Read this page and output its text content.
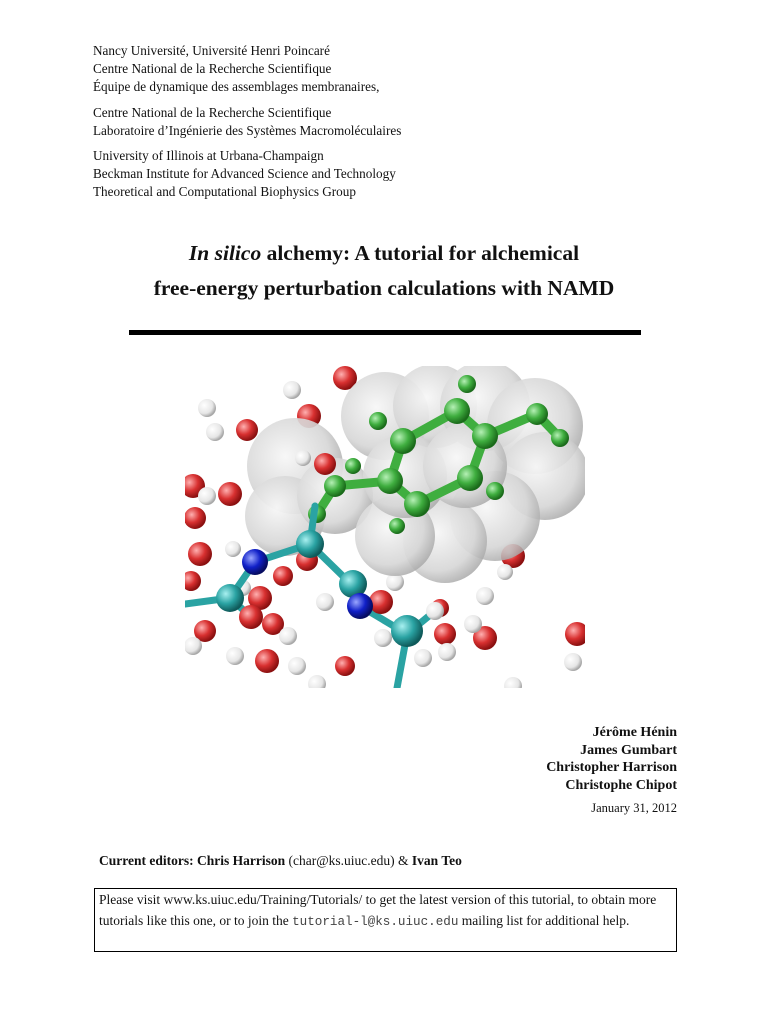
Nancy Université, Université Henri Poincaré
Centre National de la Recherche Scientifique
Équipe de dynamique des assemblages membranaires,
Centre National de la Recherche Scientifique
Laboratoire d’Ingénierie des Systèmes Macromoléculaires
University of Illinois at Urbana-Champaign
Beckman Institute for Advanced Science and Technology
Theoretical and Computational Biophysics Group
In silico alchemy: A tutorial for alchemical
free-energy perturbation calculations with NAMD
Jérôme Hénin
James Gumbart
Christopher Harrison
Christophe Chipot
January 31, 2012
Current editors: Chris Harrison (char@ks.uiuc.edu) & Ivan Teo
Please visit www.ks.uiuc.edu/Training/Tutorials/ to get the latest version of this tutorial, to obtain more tutorials like this one, or to join the tutorial-l@ks.uiuc.edu mailing list for additional help.
